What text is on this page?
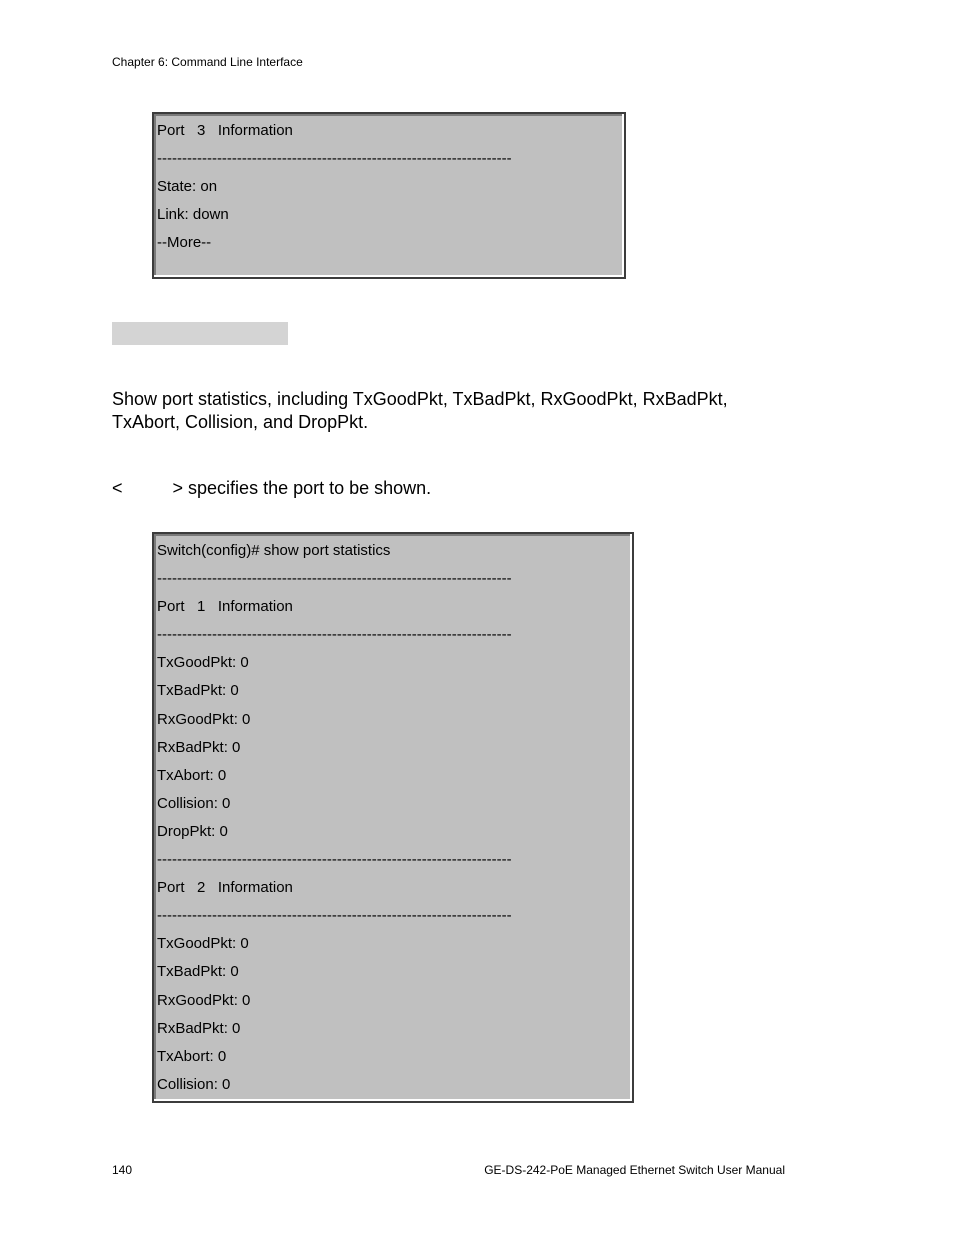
Chapter 6: Command Line Interface
Port   3   Information
-----------------------------------------------------------------------
State: on
Link: down
--More--
Show port statistics, including TxGoodPkt, TxBadPkt, RxGoodPkt, RxBadPkt, TxAbort, Collision, and DropPkt.
<          > specifies the port to be shown.
Switch(config)# show port statistics
-----------------------------------------------------------------------
Port   1   Information
-----------------------------------------------------------------------
TxGoodPkt: 0
TxBadPkt: 0
RxGoodPkt: 0
RxBadPkt: 0
TxAbort: 0
Collision: 0
DropPkt: 0
-----------------------------------------------------------------------
Port   2   Information
-----------------------------------------------------------------------
TxGoodPkt: 0
TxBadPkt: 0
RxGoodPkt: 0
RxBadPkt: 0
TxAbort: 0
Collision: 0
140	GE-DS-242-PoE Managed Ethernet Switch User Manual
